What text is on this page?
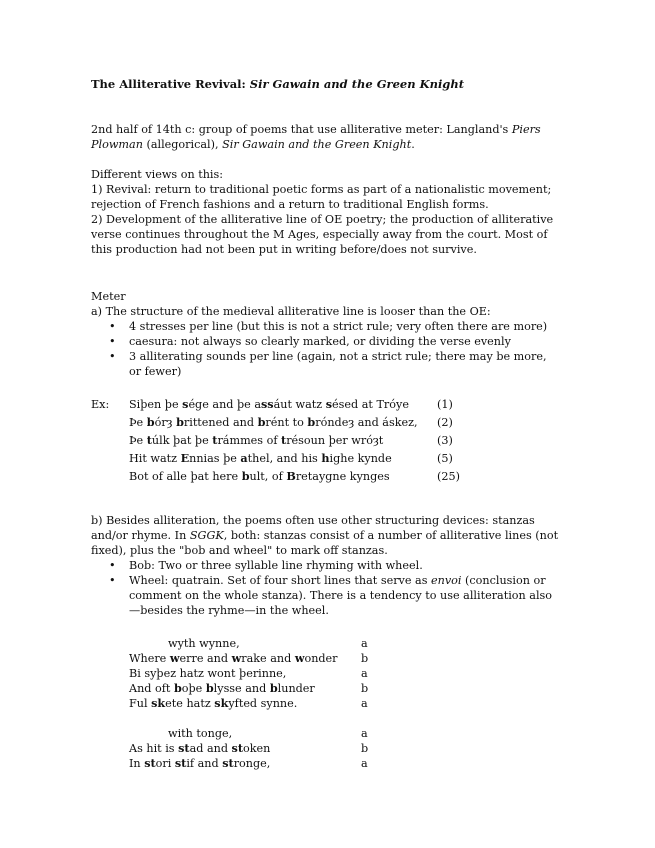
The Alliterative Revival: Sir Gawain and the Green Knight
2nd half of 14th c: group of poems that use alliterative meter: Langland's Piers Plowman (allegorical), Sir Gawain and the Green Knight.
Different views on this:
1) Revival: return to traditional poetic forms as part of a nationalistic movement; rejection of French fashions and a return to traditional English forms.
2) Development of the alliterative line of OE poetry; the production of alliterative verse continues throughout the M Ages, especially away from the court. Most of this production had not been put in writing before/does not survive.
Meter
a) The structure of the medieval alliterative line is looser than the OE:
• 4 stresses per line (but this is not a strict rule; very often there are more)
• caesura: not always so clearly marked, or dividing the verse evenly
• 3 alliterating sounds per line (again, not a strict rule; there may be more, or fewer)
Ex: Siþen þe sége and þe assáut watz sésed at Tróye	(1)
Þe bórȝ brittened and brént to bróndeȝ and áskez, (2)
Þe túlk þat þe trámmes of trésoun þer wróȝt	(3)
Hit watz Ennias þe athel, and his highe kynde	(5)
Bot of alle þat here bult, of Bretaygne kynges	(25)
b) Besides alliteration, the poems often use other structuring devices: stanzas and/or rhyme. In SGGK, both: stanzas consist of a number of alliterative lines (not fixed), plus the "bob and wheel" to mark off stanzas.
• Bob: Two or three syllable line rhyming with wheel.
• Wheel: quatrain. Set of four short lines that serve as envoi (conclusion or comment on the whole stanza). There is a tendency to use alliteration also—besides the ryhme—in the wheel.
wyth wynne,	a
Where werre and wrake and wonder b
Bi syþez hatz wont þerinne,	a
And oft boþe blysse and blunder	b
Ful skete hatz skyfted synne.	a
with tonge,	a
As hit is stad and stoken	b
In stori stif and stronge,	a
